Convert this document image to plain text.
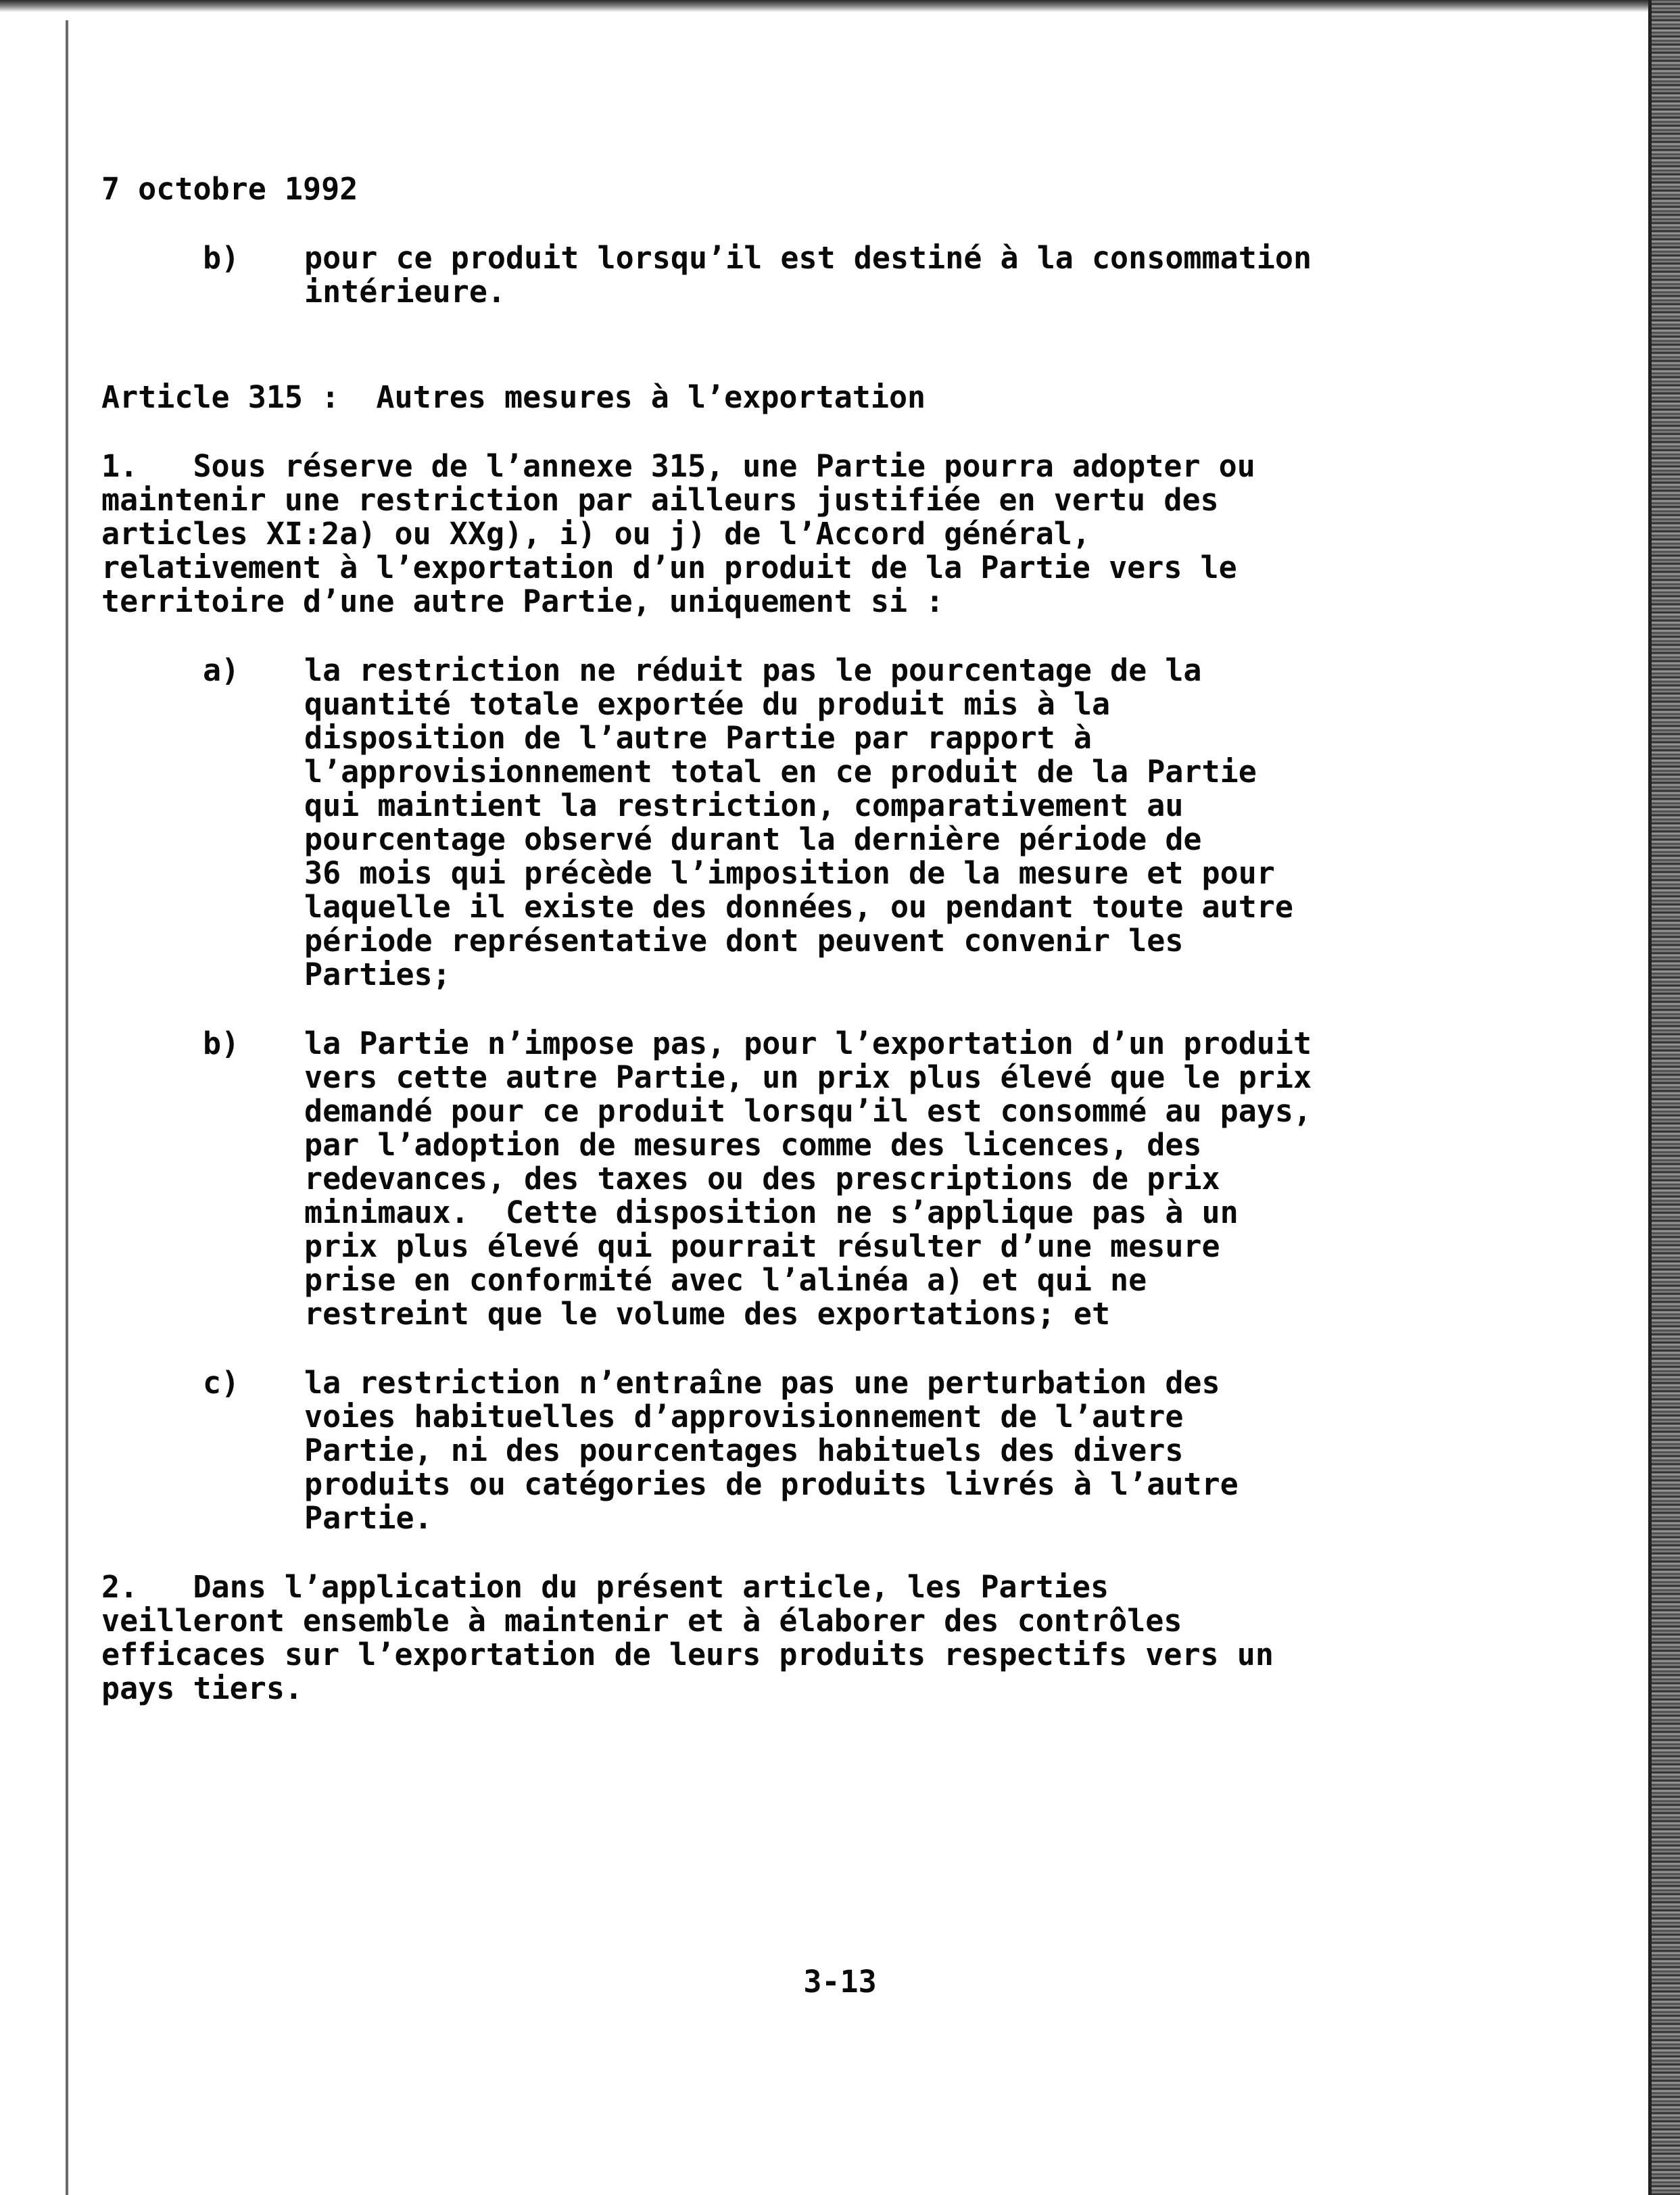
7 octobre 1992
b) pour ce produit lorsqu’il est destiné à la consommation
intérieure.
Article 315 :  Autres mesures à l’exportation
1.   Sous réserve de l’annexe 315, une Partie pourra adopter ou
maintenir une restriction par ailleurs justifiée en vertu des
articles XI:2a) ou XXg), i) ou j) de l’Accord général,
relativement à l’exportation d’un produit de la Partie vers le
territoire d’une autre Partie, uniquement si :
a) la restriction ne réduit pas le pourcentage de la
quantité totale exportée du produit mis à la
disposition de l’autre Partie par rapport à
l’approvisionnement total en ce produit de la Partie
qui maintient la restriction, comparativement au
pourcentage observé durant la dernière période de
36 mois qui précède l’imposition de la mesure et pour
laquelle il existe des données, ou pendant toute autre
période représentative dont peuvent convenir les
Parties;
b) la Partie n’impose pas, pour l’exportation d’un produit
vers cette autre Partie, un prix plus élevé que le prix
demandé pour ce produit lorsqu’il est consommé au pays,
par l’adoption de mesures comme des licences, des
redevances, des taxes ou des prescriptions de prix
minimaux.  Cette disposition ne s’applique pas à un
prix plus élevé qui pourrait résulter d’une mesure
prise en conformité avec l’alinéa a) et qui ne
restreint que le volume des exportations; et
c) la restriction n’entraîne pas une perturbation des
voies habituelles d’approvisionnement de l’autre
Partie, ni des pourcentages habituels des divers
produits ou catégories de produits livrés à l’autre
Partie.
2.   Dans l’application du présent article, les Parties
veilleront ensemble à maintenir et à élaborer des contrôles
efficaces sur l’exportation de leurs produits respectifs vers un
pays tiers.
3-13
